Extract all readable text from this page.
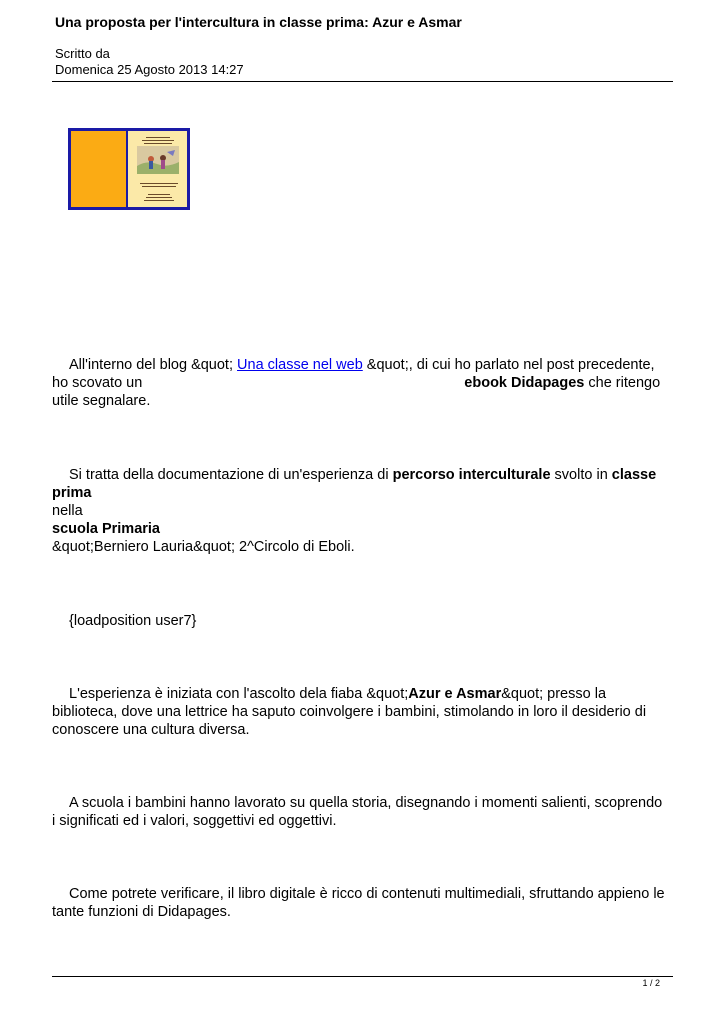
Una proposta per l'intercultura in classe prima: Azur e Asmar
Scritto da
Domenica 25 Agosto 2013 14:27

All'interno del blog &quot; Una classe nel web &quot;, di cui ho parlato nel post precedente,

ho scovato un	ebook Didapages che ritengo

utile segnalare.

Si tratta della documentazione di un'esperienza di percorso interculturale svolto in classe

prima

nella

scuola Primaria

&quot;Berniero Lauria&quot; 2^Circolo di Eboli.

{loadposition user7}

L'esperienza è iniziata con l'ascolto dela fiaba &quot;Azur e Asmar&quot; presso la

biblioteca, dove una lettrice ha saputo coinvolgere i bambini, stimolando in loro il desiderio di

conoscere una cultura diversa.

A scuola i bambini hanno lavorato su quella storia, disegnando i momenti salienti, scoprendo

i significati ed i valori, soggettivi ed oggettivi.

Come potrete verificare, il libro digitale è ricco di contenuti multimediali, sfruttando appieno le

tante funzioni di Didapages.

1 / 2
